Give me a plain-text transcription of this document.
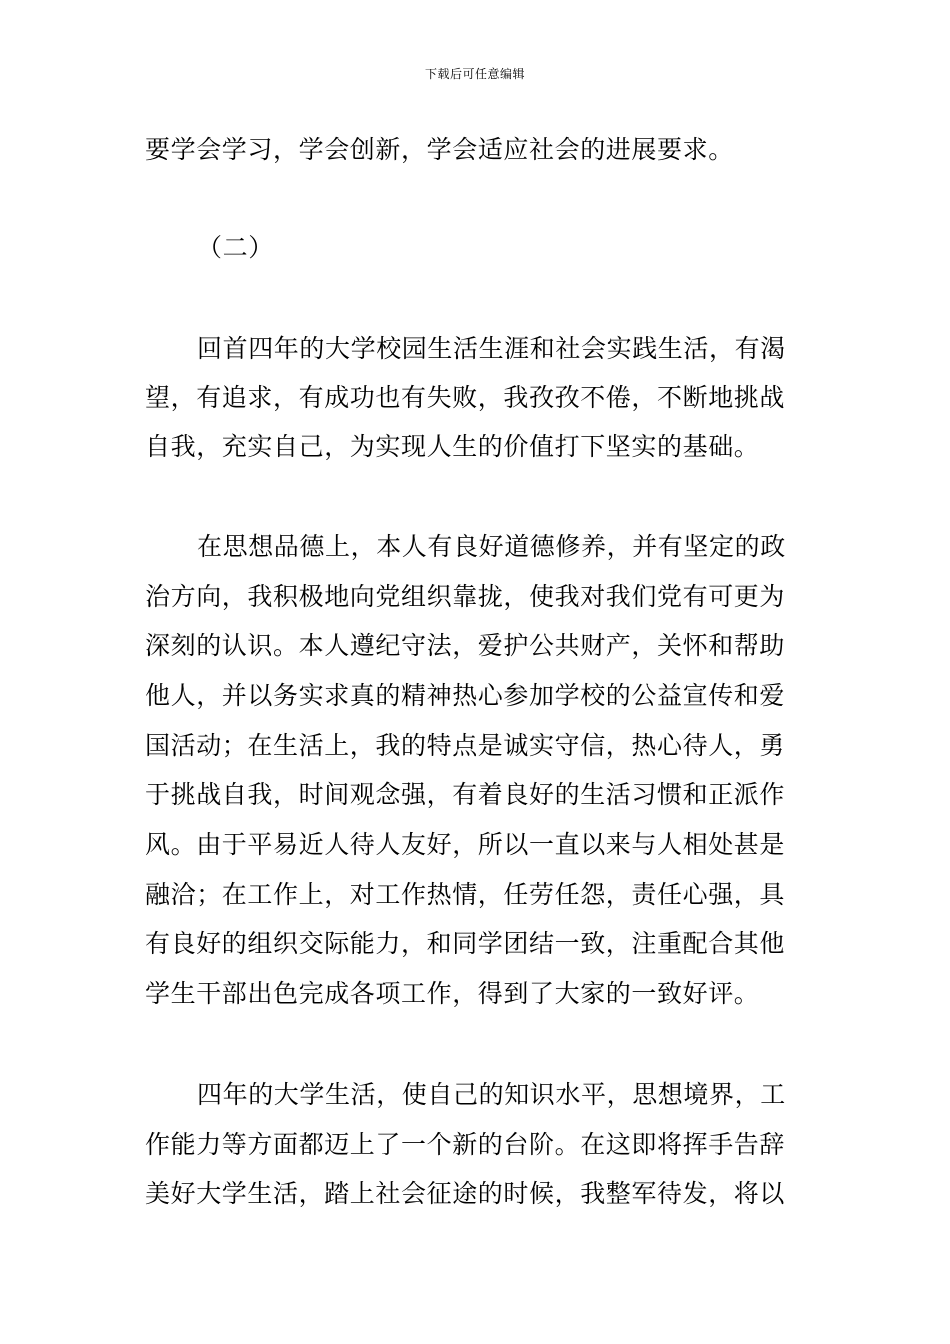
下载后可任意编辑
要学会学习，学会创新，学会适应社会的进展要求。
（二）
回首四年的大学校园生活生涯和社会实践生活，有渴
望，有追求，有成功也有失败，我孜孜不倦，不断地挑战
自我，充实自己，为实现人生的价值打下坚实的基础。
在思想品德上，本人有良好道德修养，并有坚定的政
治方向，我积极地向党组织靠拢，使我对我们党有可更为
深刻的认识。本人遵纪守法，爱护公共财产，关怀和帮助
他人，并以务实求真的精神热心参加学校的公益宣传和爱
国活动；在生活上，我的特点是诚实守信，热心待人，勇
于挑战自我，时间观念强，有着良好的生活习惯和正派作
风。由于平易近人待人友好，所以一直以来与人相处甚是
融洽；在工作上，对工作热情，任劳任怨，责任心强，具
有良好的组织交际能力，和同学团结一致，注重配合其他
学生干部出色完成各项工作，得到了大家的一致好评。
四年的大学生活，使自己的知识水平，思想境界，工
作能力等方面都迈上了一个新的台阶。在这即将挥手告辞
美好大学生活，踏上社会征途的时候，我整军待发，将以
